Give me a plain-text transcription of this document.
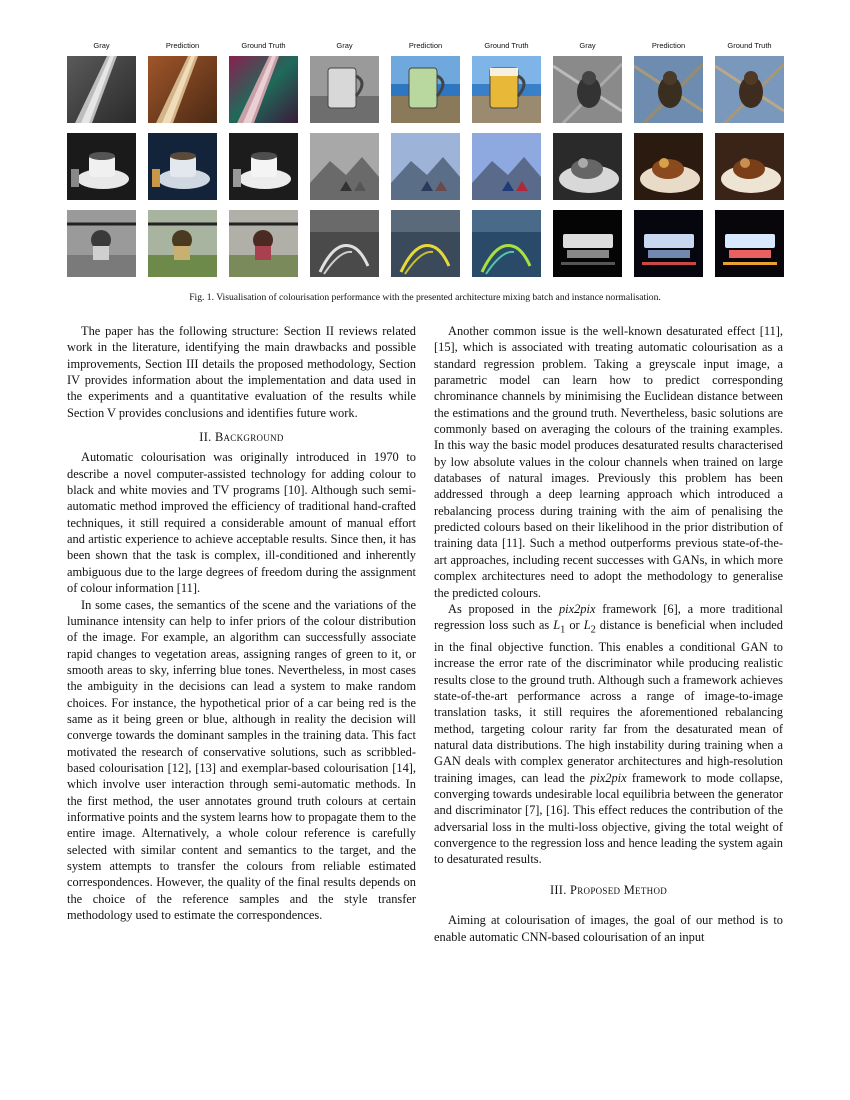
Gray	Prediction	Ground Truth	Gray	Prediction	Ground Truth	Gray	Prediction	Ground Truth
Fig. 1. Visualisation of colourisation performance with the presented architecture mixing batch and instance normalisation.

The paper has the following structure: Section II reviews related work in the literature, identifying the main drawbacks and possible improvements, Section III details the proposed methodology, Section IV provides information about the implementation and data used in the experiments and a quantitative evaluation of the results while Section V provides conclusions and identifies future work.

II. Background

Automatic colourisation was originally introduced in 1970 to describe a novel computer-assisted technology for adding colour to black and white movies and TV programs [10]. Although such semi-automatic method improved the efficiency of traditional hand-crafted techniques, it still required a considerable amount of manual effort and artistic experience to achieve acceptable results. Since then, it has been shown that the task is complex, ill-conditioned and inherently ambiguous due to the large degrees of freedom during the assignment of colour information [11].

In some cases, the semantics of the scene and the variations of the luminance intensity can help to infer priors of the colour distribution of the image. For example, an algorithm can successfully associate rapid changes to vegetation areas, assigning ranges of green to it, or smooth areas to sky, inferring blue tones. Nevertheless, in most cases the ambiguity in the decisions can lead a system to make random choices. For instance, the hypothetical prior of a car being red is the same as it being green or blue, although in reality the decision will converge towards the dominant samples in the training data. This fact motivated the research of conservative solutions, such as scribbled-based colourisation [12], [13] and exemplar-based colourisation [14], which involve user interaction through semi-automatic methods. In the first method, the user annotates ground truth colours at certain informative points and the system learns how to propagate them to the entire image. Alternatively, a whole colour reference is carefully selected with similar content and semantics to the target, and the system attempts to transfer the colours from reliable estimated correspondences. However, the quality of the final results depends on the choice of the reference samples and the style transfer methodology used to estimate the correspondences.

Another common issue is the well-known desaturated effect [11], [15], which is associated with treating automatic colourisation as a standard regression problem. Taking a greyscale input image, a parametric model can learn how to predict corresponding chrominance channels by minimising the Euclidean distance between the estimations and the ground truth. Nevertheless, basic solutions are commonly based on averaging the colours of the training examples. In this way the basic model produces desaturated results characterised by low absolute values in the colour channels when trained on large databases of natural images. Previously this problem has been addressed through a deep learning approach which introduced a rebalancing process during training with the aim of penalising the predicted colours based on their likelihood in the prior distribution of training data [11]. Such a method outperforms previous state-of-the-art approaches, including recent successes with GANs, in which more complex architectures need to adopt the methodology to generalise the predicted colours.

As proposed in the pix2pix framework [6], a more traditional regression loss such as $L_1$ or $L_2$ distance is beneficial when included in the final objective function. This enables a conditional GAN to increase the error rate of the discriminator while producing realistic results close to the ground truth. Although such a framework achieves state-of-the-art performance across a range of image-to-image translation tasks, it still requires the aforementioned rebalancing method, targeting colour rarity far from the desaturated mean of natural data distributions. The high instability during training when a GAN deals with complex generator architectures and high-resolution training images, can lead the pix2pix framework to mode collapse, converging towards undesirable local equilibria between the generator and discriminator [7], [16]. This effect reduces the contribution of the adversarial loss in the multi-loss objective, giving the total weight of convergence to the regression loss and hence leading the system again to desaturated results.

III. Proposed Method

Aiming at colourisation of images, the goal of our method is to enable automatic CNN-based colourisation of an input
